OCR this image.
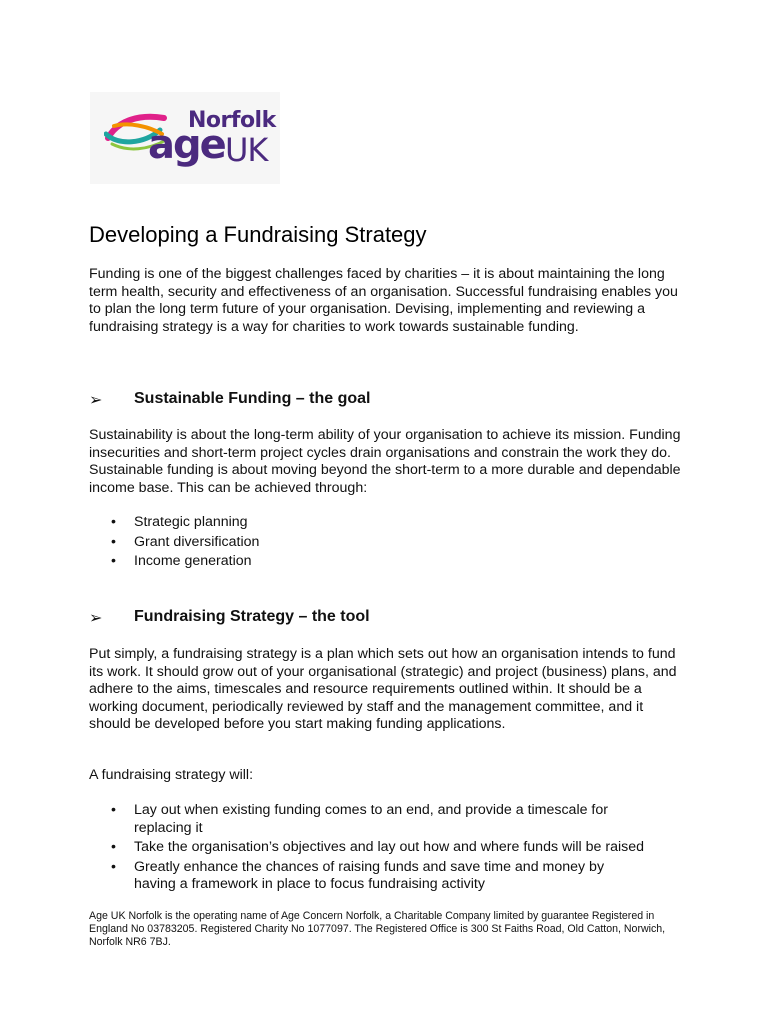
Norfolk
age UK
Developing a Fundraising Strategy

Funding is one of the biggest challenges faced by charities – it is about maintaining the long term health, security and effectiveness of an organisation. Successful fundraising enables you to plan the long term future of your organisation. Devising, implementing and reviewing a fundraising strategy is a way for charities to work towards sustainable funding.

➢ Sustainable Funding – the goal

Sustainability is about the long-term ability of your organisation to achieve its mission. Funding insecurities and short-term project cycles drain organisations and constrain the work they do. Sustainable funding is about moving beyond the short-term to a more durable and dependable income base. This can be achieved through:

• Strategic planning
• Grant diversification
• Income generation
➢ Fundraising Strategy – the tool

Put simply, a fundraising strategy is a plan which sets out how an organisation intends to fund its work. It should grow out of your organisational (strategic) and project (business) plans, and adhere to the aims, timescales and resource requirements outlined within. It should be a working document, periodically reviewed by staff and the management committee, and it should be developed before you start making funding applications.

A fundraising strategy will:

• Lay out when existing funding comes to an end, and provide a timescale for replacing it
• Take the organisation’s objectives and lay out how and where funds will be raised
• Greatly enhance the chances of raising funds and save time and money by having a framework in place to focus fundraising activity

Age UK Norfolk is the operating name of Age Concern Norfolk, a Charitable Company limited by guarantee Registered in England No 03783205. Registered Charity No 1077097. The Registered Office is 300 St Faiths Road, Old Catton, Norwich, Norfolk NR6 7BJ.
